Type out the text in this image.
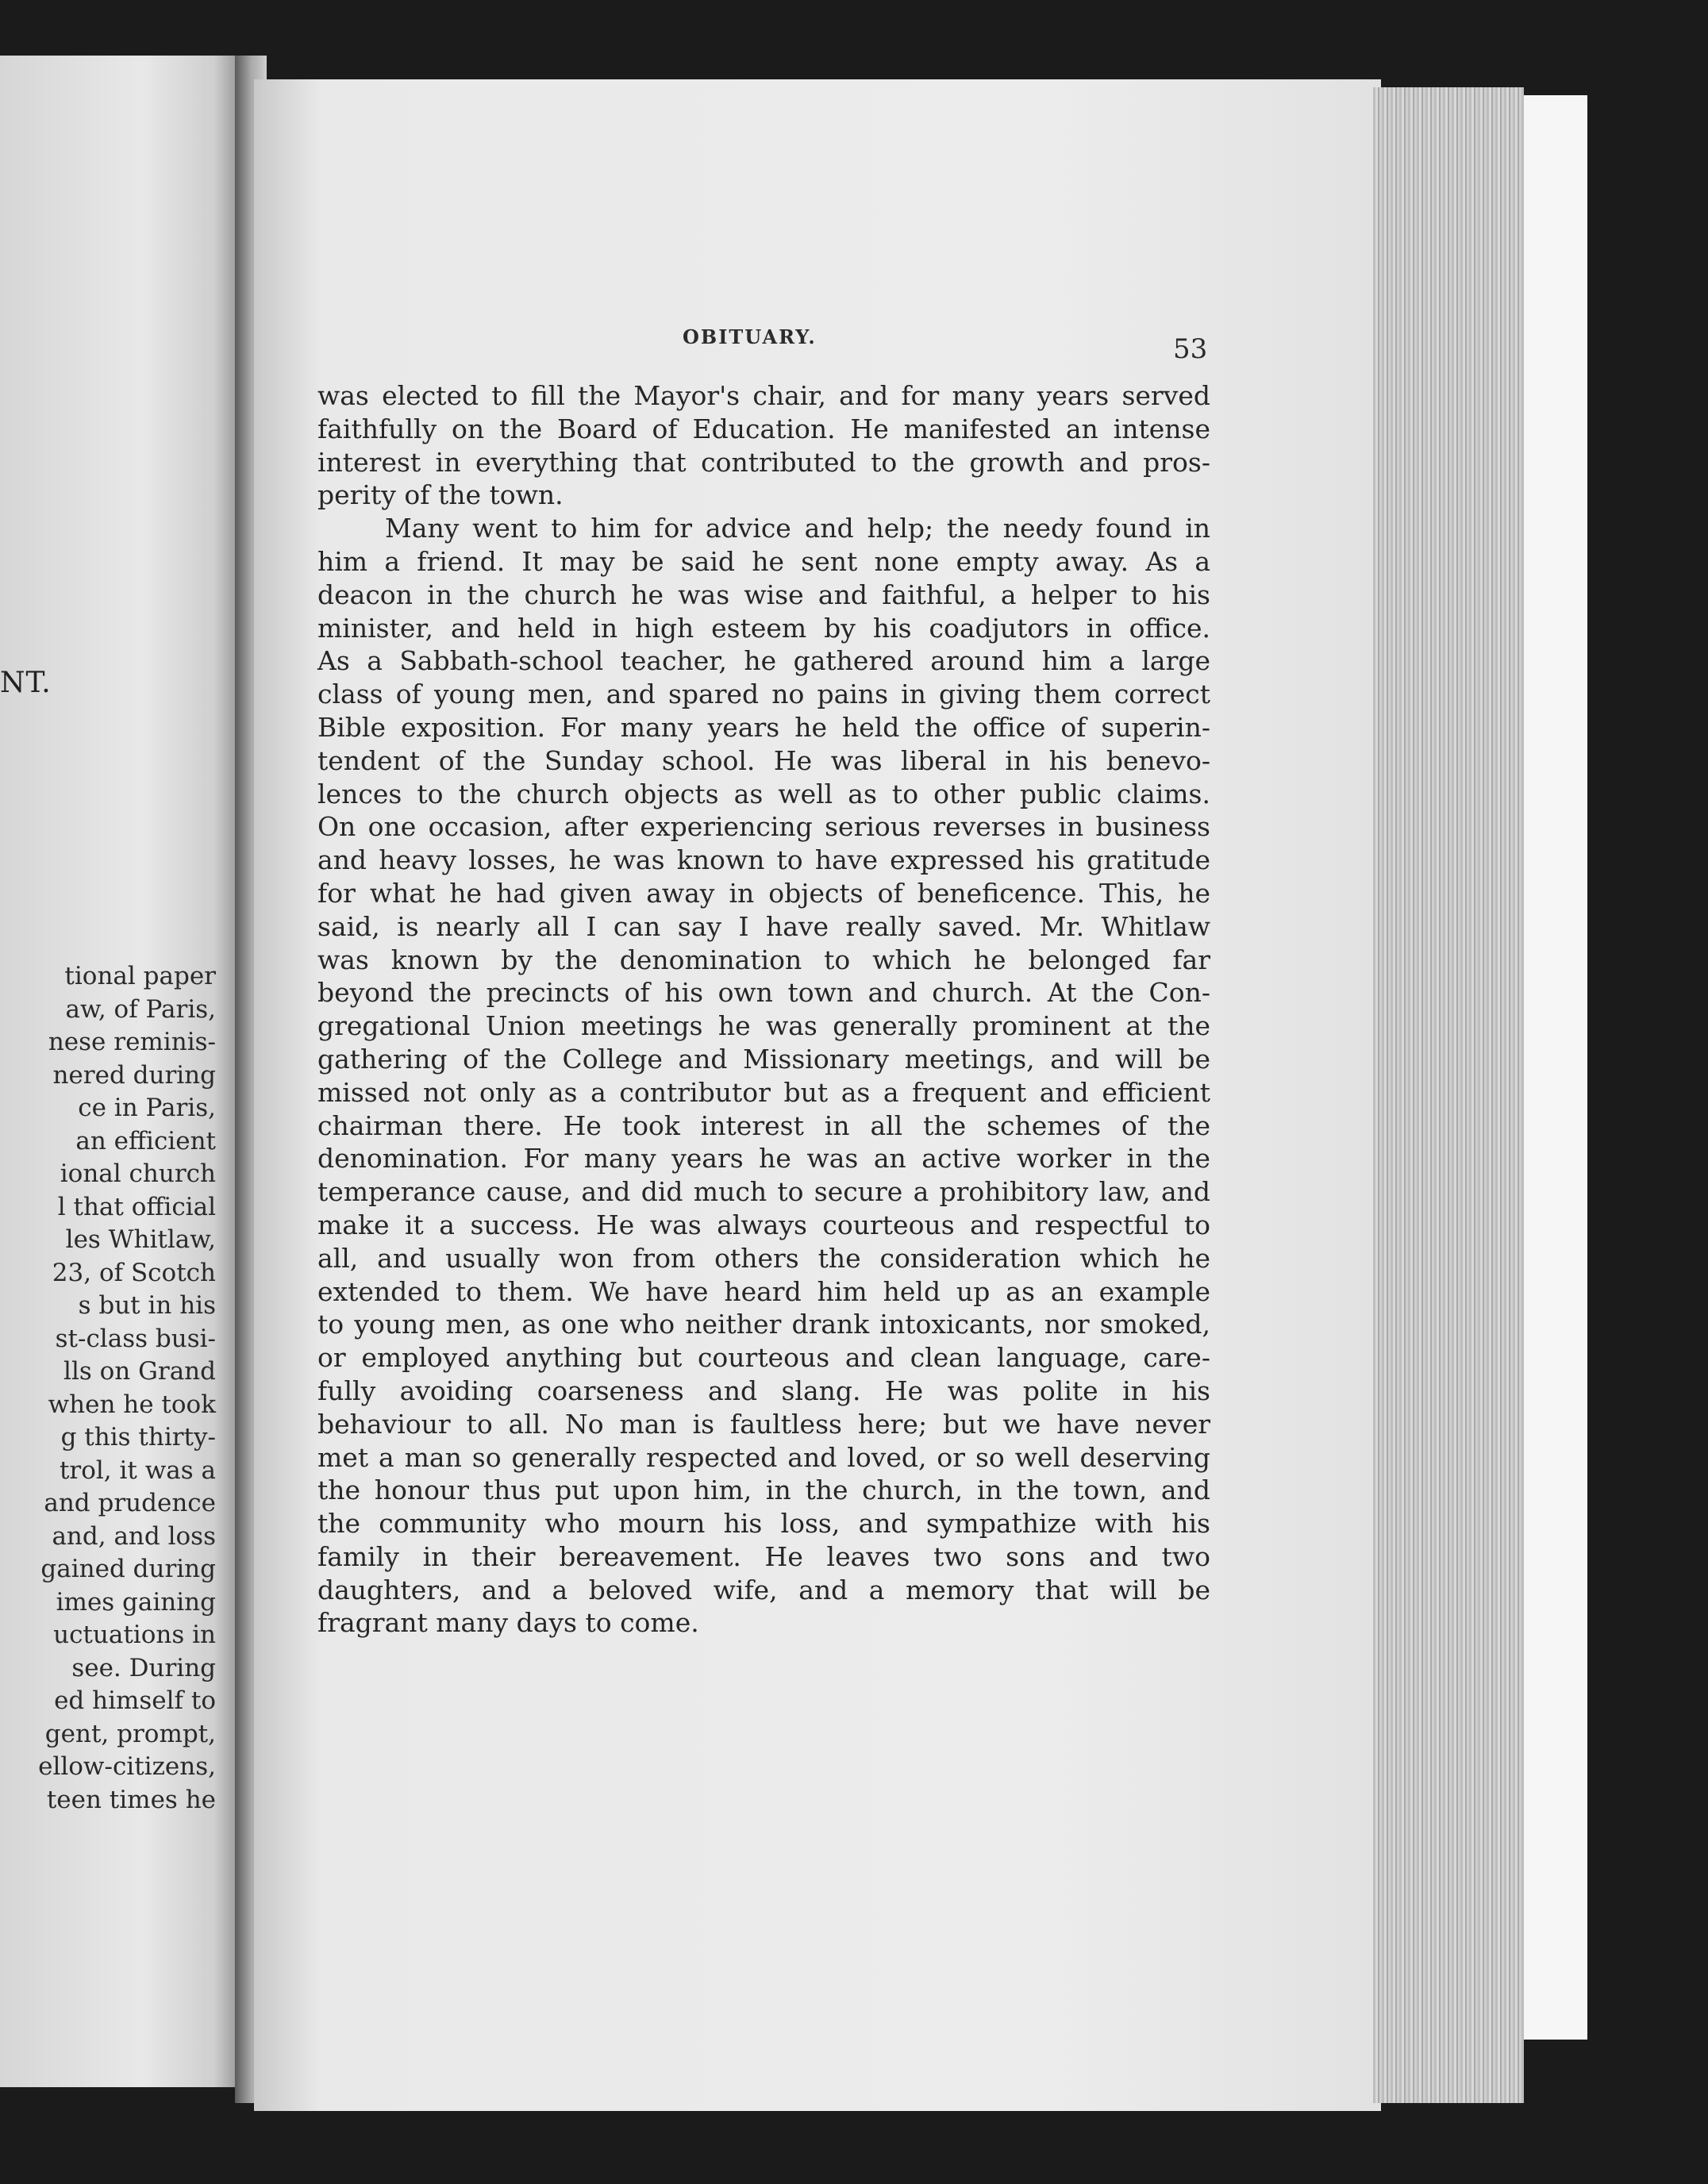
NT.
tional paper
aw, of Paris,
nese reminis-
nered during
ce in Paris,
an efficient
ional church
l that official
les Whitlaw,
23, of Scotch
s but in his
st-class busi-
lls on Grand
when he took
g this thirty-
trol, it was a
and prudence
and, and loss
gained during
imes gaining
uctuations in
see. During
ed himself to
gent, prompt,
ellow-citizens,
teen times he
OBITUARY.	53
was elected to fill the Mayor's chair, and for many years served
faithfully on the Board of Education. He manifested an intense
interest in everything that contributed to the growth and pros-
perity of the town.
Many went to him for advice and help; the needy found in
him a friend. It may be said he sent none empty away. As a
deacon in the church he was wise and faithful, a helper to his
minister, and held in high esteem by his coadjutors in office.
As a Sabbath-school teacher, he gathered around him a large
class of young men, and spared no pains in giving them correct
Bible exposition. For many years he held the office of superin-
tendent of the Sunday school. He was liberal in his benevo-
lences to the church objects as well as to other public claims.
On one occasion, after experiencing serious reverses in business
and heavy losses, he was known to have expressed his gratitude
for what he had given away in objects of beneficence. This, he
said, is nearly all I can say I have really saved. Mr. Whitlaw
was known by the denomination to which he belonged far
beyond the precincts of his own town and church. At the Con-
gregational Union meetings he was generally prominent at the
gathering of the College and Missionary meetings, and will be
missed not only as a contributor but as a frequent and efficient
chairman there. He took interest in all the schemes of the
denomination. For many years he was an active worker in the
temperance cause, and did much to secure a prohibitory law, and
make it a success. He was always courteous and respectful to
all, and usually won from others the consideration which he
extended to them. We have heard him held up as an example
to young men, as one who neither drank intoxicants, nor smoked,
or employed anything but courteous and clean language, care-
fully avoiding coarseness and slang. He was polite in his
behaviour to all. No man is faultless here; but we have never
met a man so generally respected and loved, or so well deserving
the honour thus put upon him, in the church, in the town, and
the community who mourn his loss, and sympathize with his
family in their bereavement. He leaves two sons and two
daughters, and a beloved wife, and a memory that will be
fragrant many days to come.
